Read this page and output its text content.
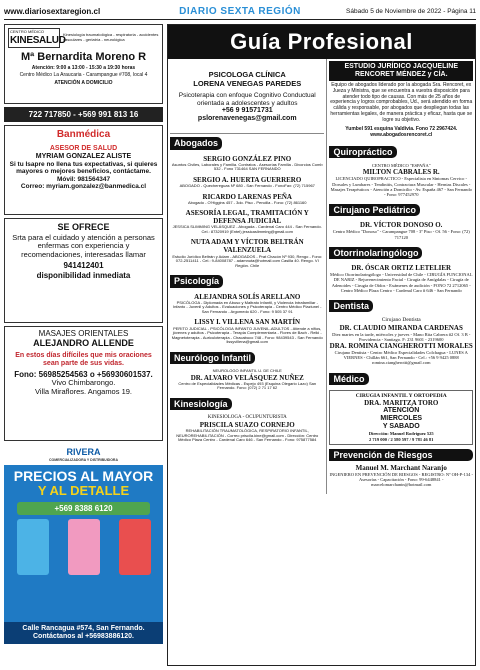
www.diariosextaregion.cl	DIARIO SEXTA REGIÓN	Sábado 5 de Noviembre de 2022 - Página 11
CENTRO MÉDICO
KINESALUD
Kinesiología traumatológica - respiratoria - accidentes vasculares - geriatría - neurológica
Mª Bernardita Moreno R
Atención: 9:00 a 13:00 - 15:30 a 19:30 horas
Centro Médico La Araucaria - Carampangue #708, local 4
ATENCIÓN A DOMICILIO
722 717850 - +569 991 813 16
Banmédica
ASESOR DE SALUD
MYRIAM GONZALEZ ALISTE
Si tu Isapre no llena tus expectativas, si quieres mayores o mejores beneficios, contáctame.
Móvil: 981564347
Correo: myriam.gonzalez@banmedica.cl
SE OFRECE
Srta para el cuidado y atención a personas enfermas con experiencia y recomendaciones, interesadas llamar
941412401
disponibilidad inmediata
MASAJES ORIENTALES
ALEJANDRO ALLENDE
En estos días difíciles que mis oraciones sean parte de sus vidas.
Fono: 56985254563 o +56930601537.
Vivo Chimbarongo.
Villa Miraflores. Angamos 19.
RIVERA
COMERCIALIZADORA Y DISTRIBUIDORA
PRECIOS AL MAYOR
Y AL DETALLE
+569 8388 6120
Calle Rancagua #574, San Fernando. Contáctanos al +56983886120.
Guía Profesional
PSICOLOGA CLÍNICA
LORENA VENEGAS PAREDES
Psicoterapia con enfoque Cognitivo Conductual orientada a adolescentes y adultos
+56 9 91571731
pslorenavenegas@gmail.com
Abogados
SERGIO GONZÁLEZ PINO
Asuntos Civiles, Laborales y Familia. Contratos - Asesorías Familia - Divorcios Comb 532 - Fono 731464 SAN FERNANDO
SERGIO A. HUERTA GUERRERO
ABOGADO - Quechereguas Nº 680 - San Fernando - FonoFax: (72) 715967
RICARDO LARENAS PEÑA
Abogado - O'Higgins 457 - 3do. Piso - Pencilla - Fono: (72) 861160
ASESORÍA LEGAL, TRAMITACIÓN Y DEFENSA JUDICIAL
JESSICA SLIMMING VELÁSQUEZ - Abogada - Cardenal Caro 444 - San Fernando. Cel.: 87320919 (Entel) jessicaslimming@gmail.com
NUTA ADAM Y VÍCTOR BELTRÁN VALENZUELA
Estudio Jurídico Beltrán y Adam - ABOGADOS - Prat Chacón Nº 930, Rengo - Fono: 072-2511411 - Cel.: 9-84008787 - adamnuta@hotmail.com Casilla 40. Rengo. VI Región. Chile
Psicología
ALEJANDRA SOLÍS ARELLANO
PSICÓLOGA - Diplomada en Abuso y Maltrato Infantil, y Violencia Intrafamiliar - Infanto - Juvenil y Adultos - Evaluaciones y Psicoterapia - Centro Médico Plaziunel - San Fernando - Argomedo 620 - Fono: 9 505 37 91
LISSY I. VILLENA SAN MARTÍN
PERITO JUDICIAL - PSICÓLOGA INFANTO JUVENIL-ADULTOS - Atiende a niños, jóvenes y adultos - Psicoterapia - Terapia Complementaria - Flores de Bach - Reiki - Magnetoterapia - Auriculoterapia - Chacabuco 748 - Fono: 98439543 - San Fernando lissyvillena@gmail.com
Neurólogo Infantil
NEUROLOGO INFANTIL U. DE CHILE
DR. ALVARO VELÁSQUEZ NUÑEZ
Centro de Especialidades Médicas - Espejo 493 (Esquina Olegario Lazo) San Fernando. Fono: (072) 2 71 17 62
Kinesiología
KINESIOLOGA - OCUPUNTURISTA
PRISCILA SUAZO CORNEJO
REHABILITACIÓN TRAUMATOLÓGICA, RESPIRATORIO INFANTIL, NEUROREHABILITACIÓN - Correo priscila.kine@gmail.com - Dirección: Centro Médico Plaza Centro - Cardenal Caro 646 - San Fernando - Fono: 975877584
ESTUDIO JURÍDICO JACQUELINE RENCORET MÉNDEZ y CÍA.
Equipo de abogados liderado por la abogada Sra. Rencoret, ex Jueza y Ministra, que se encuentra a vuestra disposición para atender todo tipo de causas. Con más de 25 años de experiencia y logros comprobables, Ud., será atendido en forma cálida y responsable, por abogados que despliegan todas las herramientas legales, de manera práctica y eficaz, hasta que se logre su objetivo.
Yumbel 591 esquina Valdivia. Fono 72 2967424. www.abogadosrencoret.cl
Quiropráctico
CENTRO MÉDICO "ESPAÑA"
MILTON CABRALES R.
LICENCIADO QUIROPRACTICO - Especialista en Síntomas Cervico - Dorsales y Lumbares - Tendinitis, Contractura Muscular - Hernias Discales - Masajes Terapéuticos - Atención a Domicilio - Av. España 467 - San Fernando - Fono: 977452970
Cirujano Pediátrico
DR. VÍCTOR DONOSO O.
Centro Médico "Donoso" - Carampangue 708 - 3º Piso - Of. 56 - Fono: (72) 717120
Otorrinolaringólogo
DR. ÓSCAR ORTIZ LETELIER
Médico Otorrinolaringólogo - Universidad de Chile - CIRUGÍA FUNCIONAL DE NARIZ - Rejuvenecimiento Facial - Cirugía de Amígdalas - Cirugía de Adenoides - Cirugía de Oídos - Exámenes de audición - FONO 72 2712065 - Centro Médico Plaza Centro - Cardenal Caro # 646 - San Fernando
Dentista
Cirujano Dentista
DR. CLAUDIO MIRANDA CARDENAS
Diez martes en la tarde, miércoles y jueves - Mano Rita Cabrera #2 Of. 3 B - Providencia - Santiago. F: 231 9601 - 2319600
DRA. ROMINA CIANGHEROTTI MORALES
Cirujano Dentista - Centro Médico Especialidades Colchagua - LUNES A VIERNES - Chillán 661, San Fernando - Cel.: +56 9 9425 0888 romina.ciangherotti@gmail.com
Médico
CIRUGIA INFANTIL Y ORTOPEDIA
DRA. MARITZA TORO
ATENCIÓN
MIERCOLES
Y SABADO
Dirección: Manuel Rodriguez 525
2 719 000 / 2 580 597 / 9 781 46 81
Prevención de Riesgos
Manuel M. Marchant Naranjo
INGENIERO EN PREVENCIÓN DE RIESGOS - REGISTRO: Nº OH-P-134 - Asesorías - Capacitación - Fono: 99-6448841 - marcelomarchantn@hotmail.com
